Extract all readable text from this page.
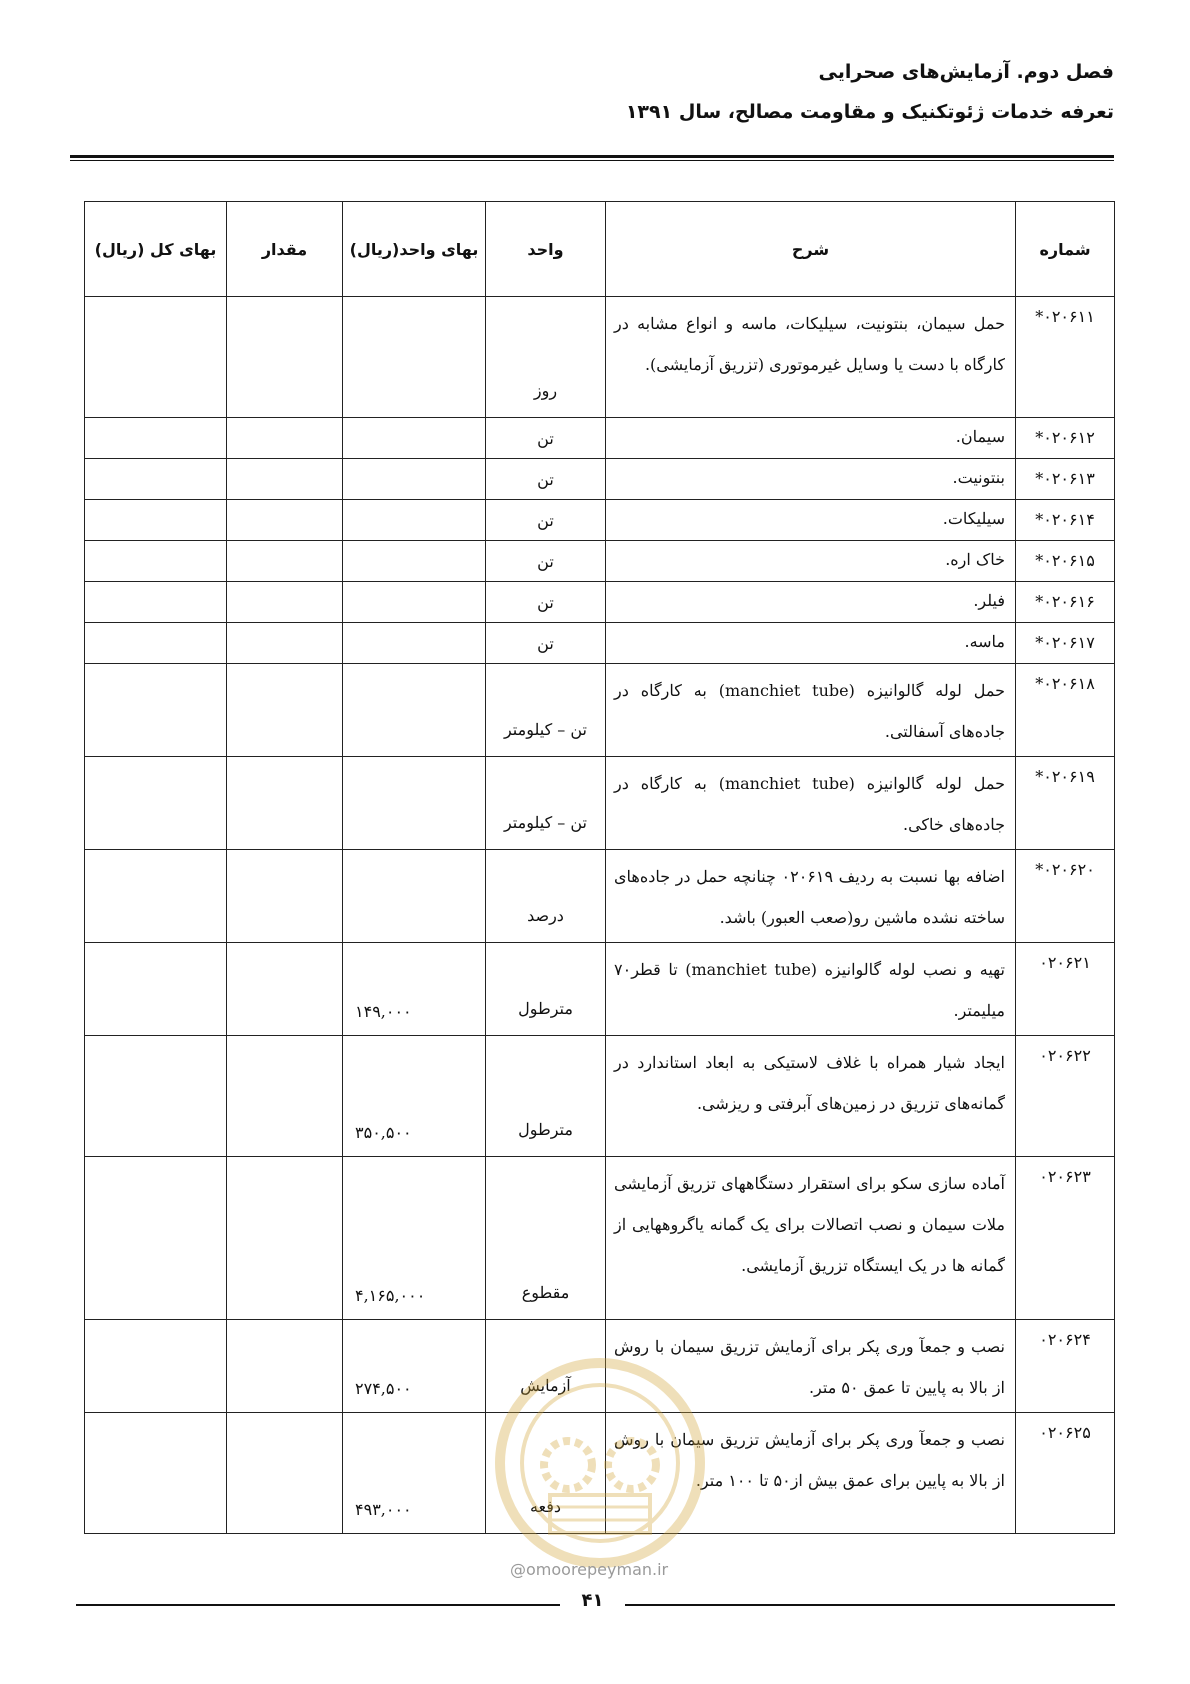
فصل دوم. آزمایش‌های صحرایی
تعرفه خدمات ژئوتکنیک و مقاومت مصالح، سال ۱۳۹۱
شماره	شرح	واحد	بهای واحد(ریال)	مقدار	بهای کل (ریال)
۰۲۰۶۱۱*	حمل سیمان، بنتونیت، سیلیکات، ماسه و انواع مشابه در کارگاه با دست یا وسایل غیرموتوری (تزریق آزمایشی).	روز			
۰۲۰۶۱۲*	سیمان.	تن			
۰۲۰۶۱۳*	بنتونیت.	تن			
۰۲۰۶۱۴*	سیلیکات.	تن			
۰۲۰۶۱۵*	خاک اره.	تن			
۰۲۰۶۱۶*	فیلر.	تن			
۰۲۰۶۱۷*	ماسه.	تن			
۰۲۰۶۱۸*	حمل لوله گالوانیزه (manchiet tube) به کارگاه در جاده‌های آسفالتی.	تن – کیلومتر			
۰۲۰۶۱۹*	حمل لوله گالوانیزه (manchiet tube) به کارگاه در جاده‌های خاکی.	تن – کیلومتر			
۰۲۰۶۲۰*	اضافه بها نسبت به ردیف ۰۲۰۶۱۹ چنانچه حمل در جاده‌های ساخته نشده ماشین رو(صعب العبور) باشد.	درصد			
۰۲۰۶۲۱	تهیه و نصب لوله گالوانیزه (manchiet tube) تا قطر۷۰ میلیمتر.	مترطول	۱۴۹,۰۰۰		
۰۲۰۶۲۲	ایجاد شیار همراه با غلاف لاستیکی به ابعاد استاندارد در گمانه‌های تزریق در زمین‌های آبرفتی و ریزشی.	مترطول	۳۵۰,۵۰۰		
۰۲۰۶۲۳	آماده سازی سکو برای استقرار دستگاههای تزریق آزمایشی ملات سیمان و نصب اتصالات برای یک گمانه یاگروههایی از گمانه ها در یک ایستگاه تزریق آزمایشی.	مقطوع	۴,۱۶۵,۰۰۰		
۰۲۰۶۲۴	نصب و جمعآ وری پکر برای آزمایش تزریق سیمان با روش از بالا به پایین تا عمق ۵۰ متر.	آزمایش	۲۷۴,۵۰۰		
۰۲۰۶۲۵	نصب و جمعآ وری پکر برای آزمایش تزریق سیمان با روش از بالا به پایین برای عمق بیش از۵۰ تا ۱۰۰ متر.	دفعه	۴۹۳,۰۰۰		
@omoorepeyman.ir
۴۱
